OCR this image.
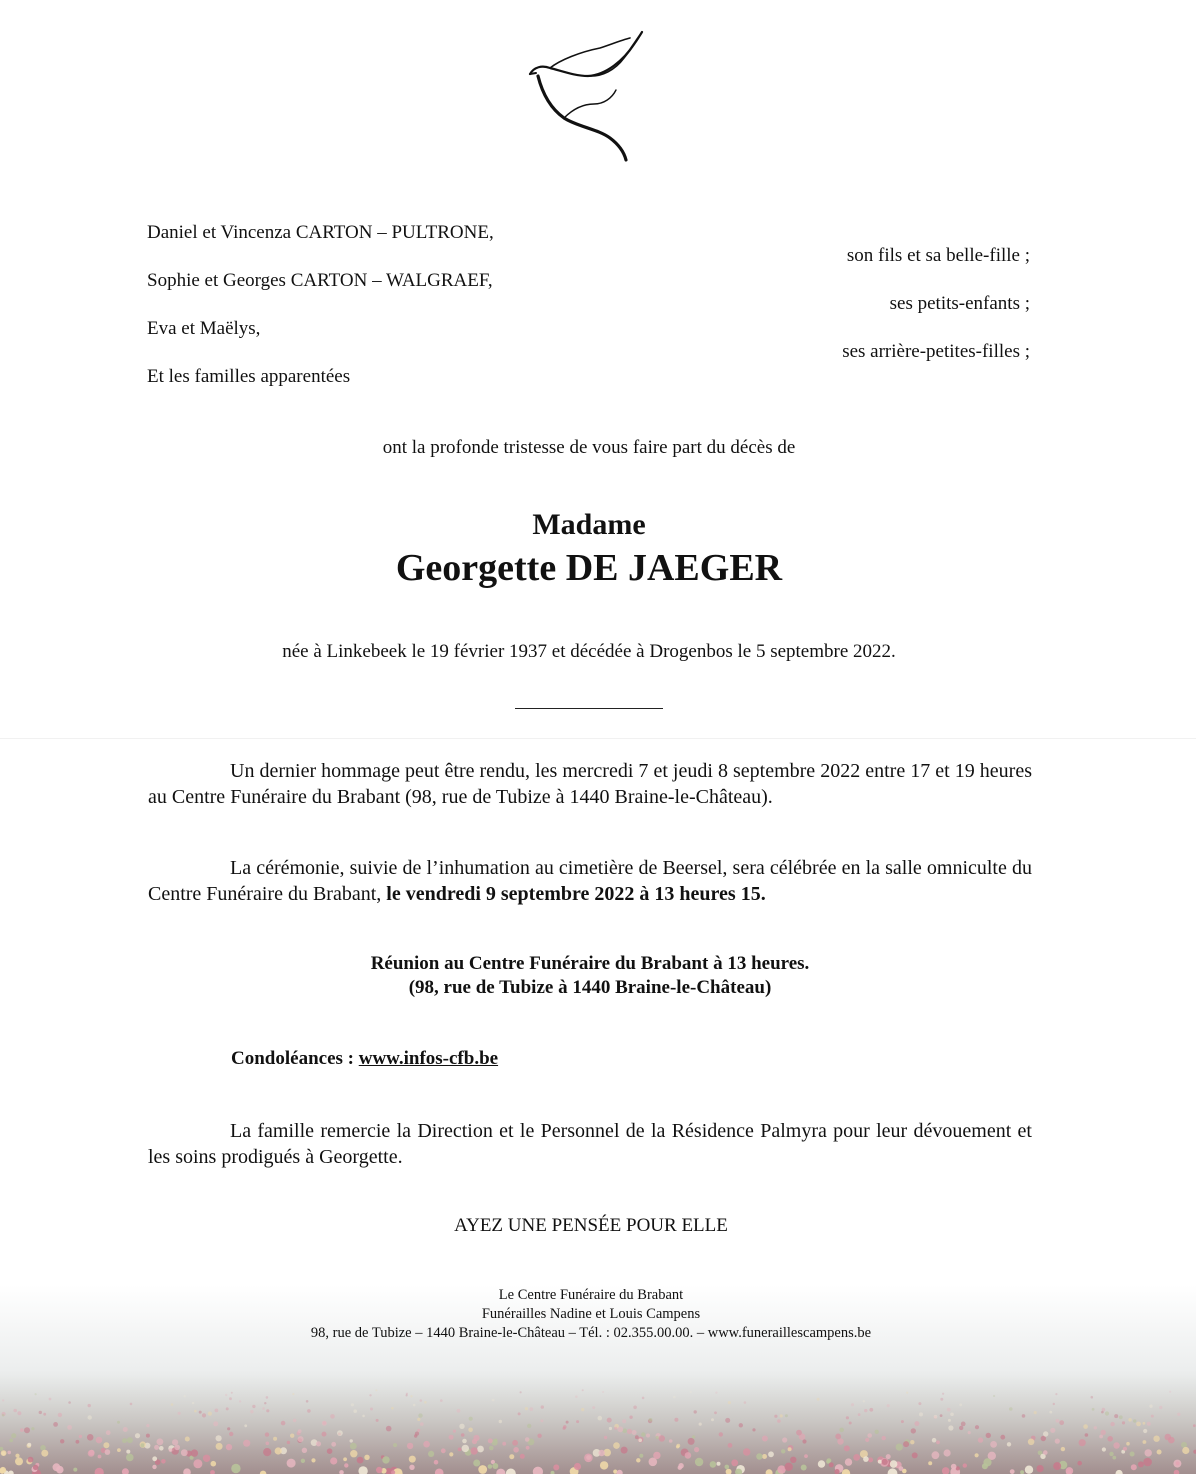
Daniel et Vincenza CARTON – PULTRONE,
Sophie et Georges CARTON – WALGRAEF,
Eva et Maëlys,
Et les familles apparentées
son fils et sa belle-fille ;
ses petits-enfants ;
ses arrière-petites-filles ;
ont la profonde tristesse de vous faire part du décès de
Madame
Georgette DE JAEGER
née à Linkebeek le 19 février 1937 et décédée à Drogenbos le 5 septembre 2022.

Un dernier hommage peut être rendu, les mercredi 7 et jeudi 8 septembre 2022 entre 17 et 19 heures au Centre Funéraire du Brabant (98, rue de Tubize à 1440 Braine-le-Château).

La cérémonie, suivie de l’inhumation au cimetière de Beersel, sera célébrée en la salle omniculte du Centre Funéraire du Brabant, le vendredi 9 septembre 2022 à 13 heures 15.

Réunion au Centre Funéraire du Brabant à 13 heures.
(98, rue de Tubize à 1440 Braine-le-Château)
Condoléances : www.infos-cfb.be

La famille remercie la Direction et le Personnel de la Résidence Palmyra pour leur dévouement et les soins prodigués à Georgette.

AYEZ UNE PENSÉE POUR ELLE
Le Centre Funéraire du Brabant
Funérailles Nadine et Louis Campens
98, rue de Tubize – 1440 Braine-le-Château – Tél. : 02.355.00.00. – www.funeraillescampens.be
